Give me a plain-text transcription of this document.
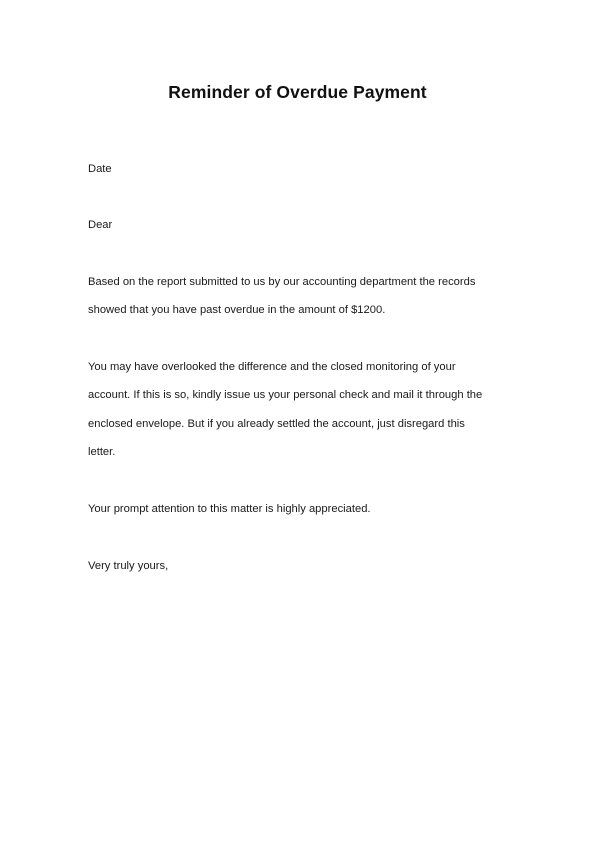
Reminder of Overdue Payment
Date
Dear
Based on the report submitted to us by our accounting department the records
showed that you have past overdue in the amount of $1200.
You may have overlooked the difference and the closed monitoring of your
account. If this is so, kindly issue us your personal check and mail it through the
enclosed envelope. But if you already settled the account, just disregard this
letter.
Your prompt attention to this matter is highly appreciated.
Very truly yours,
